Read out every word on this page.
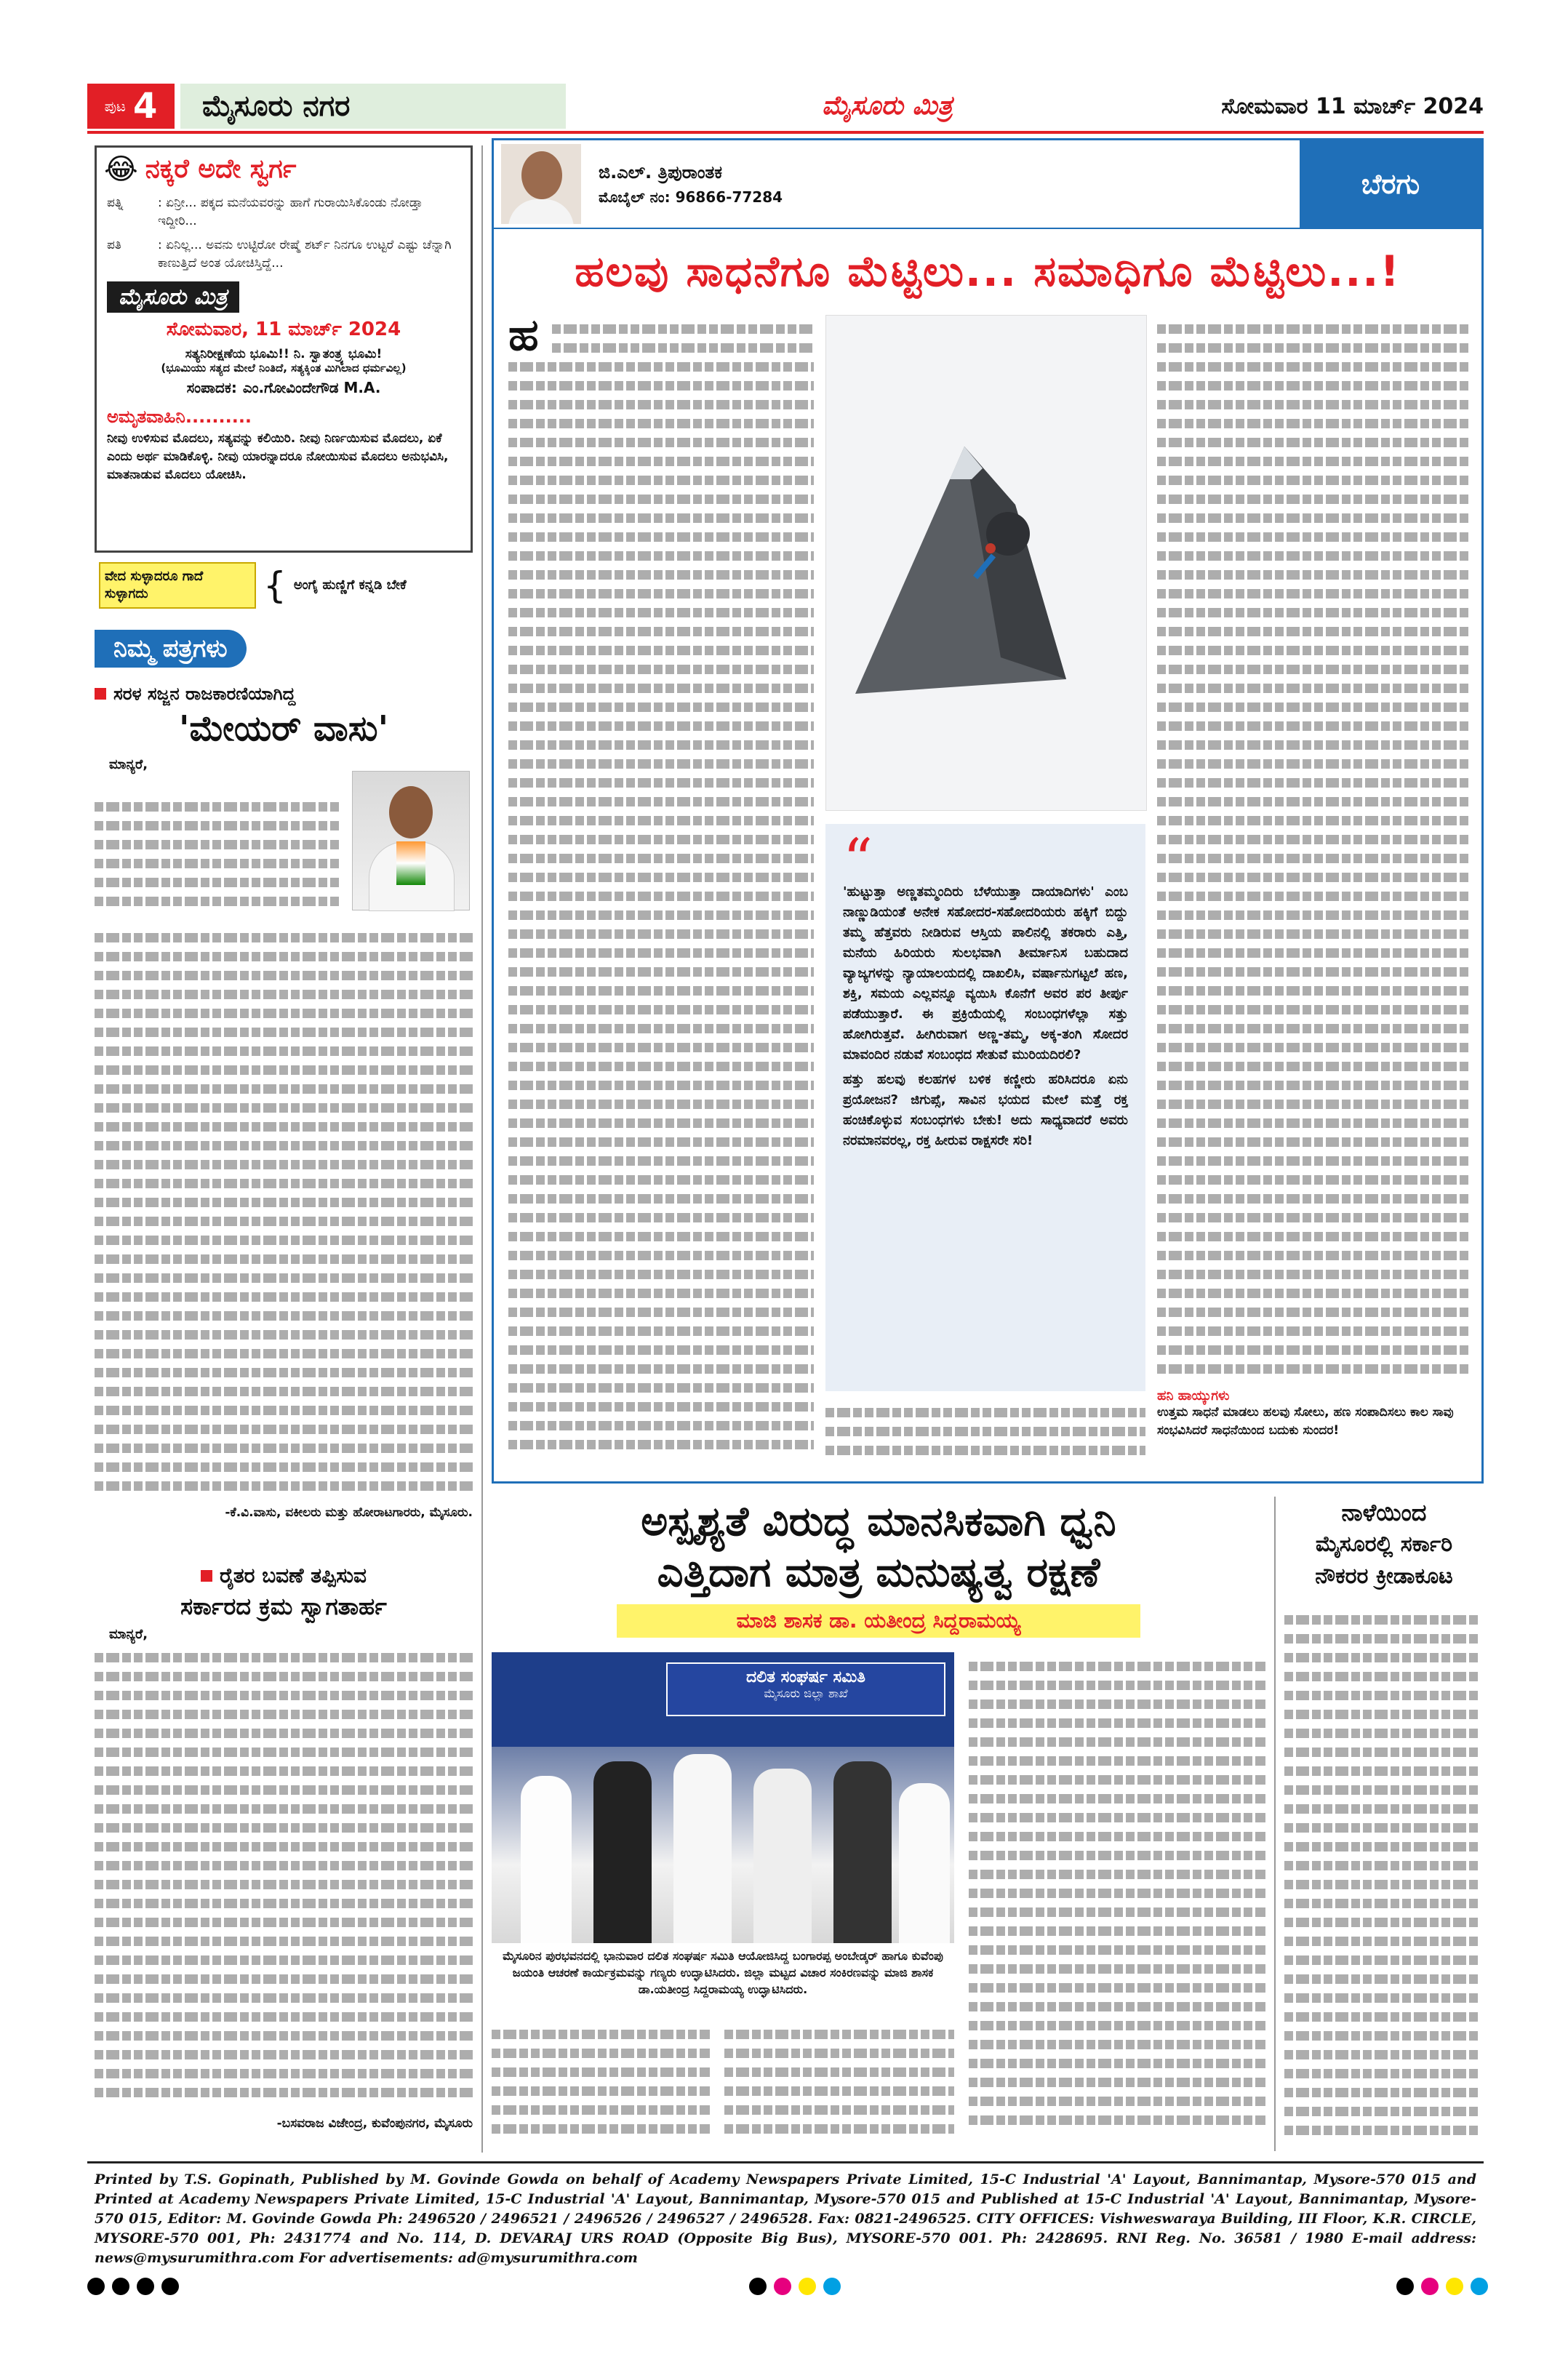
ಪುಟ 4 ಮೈಸೂರು ನಗರ	ಮೈಸೂರು ಮಿತ್ರ	ಸೋಮವಾರ 11 ಮಾರ್ಚ್ 2024
😂 ನಕ್ಕರೆ ಅದೇ ಸ್ವರ್ಗ
ಪತ್ನಿ	: ಏನ್ರೀ... ಪಕ್ಕದ ಮನೆಯವರನ್ನು ಹಾಗೆ ಗುರಾಯಿಸಿಕೊಂಡು ನೋಡ್ತಾ ಇದ್ದೀರಿ...
ಪತಿ	: ಏನಿಲ್ಲ... ಅವನು ಉಟ್ಟಿರೋ ರೇಷ್ಮೆ ಶರ್ಟ್ ನಿನಗೂ ಉಟ್ಟರೆ ಎಷ್ಟು ಚೆನ್ನಾಗಿ ಕಾಣುತ್ತಿದೆ ಅಂತ ಯೋಚಿಸ್ತಿದ್ದೆ...
ಮೈಸೂರು ಮಿತ್ರ
ಸೋಮವಾರ, 11 ಮಾರ್ಚ್ 2024
ಸತ್ಯನಿರೀಕ್ಷಣೆಯ ಭೂಮಿ!! ನಿ. ಸ್ವಾತಂತ್ರ್ಯ ಭೂಮಿ!
(ಭೂಮಿಯು ಸತ್ಯದ ಮೇಲೆ ನಿಂತಿದೆ, ಸತ್ಯಕ್ಕಿಂತ ಮಿಗಿಲಾದ ಧರ್ಮವಿಲ್ಲ)
ಸಂಪಾದಕ: ಎಂ.ಗೋವಿಂದೇಗೌಡ M.A.
ಅಮೃತವಾಹಿನಿ..........
ನೀವು ಉಳಿಸುವ ಮೊದಲು, ಸತ್ಯವನ್ನು ಕಲಿಯಿರಿ. ನೀವು ನಿರ್ಣಯಿಸುವ ಮೊದಲು, ಏಕೆ ಎಂದು ಅರ್ಥ ಮಾಡಿಕೊಳ್ಳಿ. ನೀವು ಯಾರನ್ನಾದರೂ ನೋಯಿಸುವ ಮೊದಲು ಅನುಭವಿಸಿ, ಮಾತನಾಡುವ ಮೊದಲು ಯೋಚಿಸಿ.
ವೇದ ಸುಳ್ಳಾದರೂ ಗಾದೆ ಸುಳ್ಳಾಗದು	{ ಅಂಗೈ ಹುಣ್ಣಿಗೆ ಕನ್ನಡಿ ಬೇಕೆ
ನಿಮ್ಮ ಪತ್ರಗಳು
ಸರಳ ಸಜ್ಜನ ರಾಜಕಾರಣಿಯಾಗಿದ್ದ
'ಮೇಯರ್ ವಾಸು'
ಮಾನ್ಯರೆ,
-ಕೆ.ವಿ.ವಾಸು, ವಕೀಲರು ಮತ್ತು ಹೋರಾಟಗಾರರು, ಮೈಸೂರು.
ರೈತರ ಬವಣೆ ತಪ್ಪಿಸುವ
ಸರ್ಕಾರದ ಕ್ರಮ ಸ್ವಾಗತಾರ್ಹ
ಮಾನ್ಯರೆ,
-ಬಸವರಾಜ ವಿಜೇಂದ್ರ, ಕುವೆಂಪುನಗರ, ಮೈಸೂರು
ಜಿ.ಎಲ್. ತ್ರಿಪುರಾಂತಕ
ಮೊಬೈಲ್ ನಂ: 96866-77284	ಬೆರಗು
ಹಲವು ಸಾಧನೆಗೂ ಮೆಟ್ಟಿಲು... ಸಮಾಧಿಗೂ ಮೆಟ್ಟಿಲು...!
ಹ
“
'ಹುಟ್ಟುತ್ತಾ ಅಣ್ಣತಮ್ಮಂದಿರು ಬೆಳೆಯುತ್ತಾ ದಾಯಾದಿಗಳು' ಎಂಬ ನಾಣ್ಣುಡಿಯಂತೆ ಅನೇಕ ಸಹೋದರ-ಸಹೋದರಿಯರು ಹಕ್ಕಿಗೆ ಬಿದ್ದು ತಮ್ಮ ಹೆತ್ತವರು ನೀಡಿರುವ ಆಸ್ತಿಯ ಪಾಲಿನಲ್ಲಿ ತಕರಾರು ಎತ್ತಿ, ಮನೆಯ ಹಿರಿಯರು ಸುಲಭವಾಗಿ ತೀರ್ಮಾನಿಸ ಬಹುದಾದ ವ್ಯಾಜ್ಯಗಳನ್ನು ನ್ಯಾಯಾಲಯದಲ್ಲಿ ದಾಖಲಿಸಿ, ವರ್ಷಾನುಗಟ್ಟಲೆ ಹಣ, ಶಕ್ತಿ, ಸಮಯ ಎಲ್ಲವನ್ನೂ ವ್ಯಯಿಸಿ ಕೊನೆಗೆ ಅವರ ಪರ ತೀರ್ಪು ಪಡೆಯುತ್ತಾರೆ. ಈ ಪ್ರಕ್ರಿಯೆಯಲ್ಲಿ ಸಂಬಂಧಗಳೆಲ್ಲಾ ಸತ್ತು ಹೋಗಿರುತ್ತವೆ. ಹೀಗಿರುವಾಗ ಅಣ್ಣ-ತಮ್ಮ, ಅಕ್ಕ-ತಂಗಿ ಸೋದರ ಮಾವಂದಿರ ನಡುವೆ ಸಂಬಂಧದ ಸೇತುವೆ ಮುರಿಯದಿರಲಿ?
ಹತ್ತು ಹಲವು ಕಲಹಗಳ ಬಳಿಕ ಕಣ್ಣೀರು ಹರಿಸಿದರೂ ಏನು ಪ್ರಯೋಜನ? ಜಿಗುಪ್ಸೆ, ಸಾವಿನ ಭಯದ ಮೇಲೆ ಮತ್ತೆ ರಕ್ತ ಹಂಚಿಕೊಳ್ಳುವ ಸಂಬಂಧಗಳು ಬೇಕು! ಅದು ಸಾಧ್ಯವಾದರೆ ಅವರು ನರಮಾನವರಲ್ಲ, ರಕ್ತ ಹೀರುವ ರಾಕ್ಷಸರೇ ಸರಿ!
ಹನಿ ಹಾಯ್ಕುಗಳು
ಉತ್ತಮ ಸಾಧನೆ ಮಾಡಲು ಹಲವು ಸೋಲು, ಹಣ ಸಂಪಾದಿಸಲು ಕಾಲ ಸಾವು ಸಂಭವಿಸಿದರೆ ಸಾಧನೆಯಿಂದ ಬದುಕು ಸುಂದರ!
ಅಸ್ಪೃಶ್ಯತೆ ವಿರುದ್ಧ ಮಾನಸಿಕವಾಗಿ ಧ್ವನಿ
ಎತ್ತಿದಾಗ ಮಾತ್ರ ಮನುಷ್ಯತ್ವ ರಕ್ಷಣೆ
ಮಾಜಿ ಶಾಸಕ ಡಾ. ಯತೀಂದ್ರ ಸಿದ್ದರಾಮಯ್ಯ
ದಲಿತ ಸಂಘರ್ಷ ಸಮಿತಿ
ಮೈಸೂರು ಜಿಲ್ಲಾ ಶಾಖೆ
ಮೈಸೂರಿನ ಪುರಭವನದಲ್ಲಿ ಭಾನುವಾರ ದಲಿತ ಸಂಘರ್ಷ ಸಮಿತಿ ಆಯೋಜಿಸಿದ್ದ ಬಂಗಾರಪ್ಪ ಅಂಬೇಡ್ಕರ್ ಹಾಗೂ ಕುವೆಂಪು ಜಯಂತಿ ಆಚರಣೆ ಕಾರ್ಯಕ್ರಮವನ್ನು ಗಣ್ಯರು ಉದ್ಘಾಟಿಸಿದರು. ಜಿಲ್ಲಾ ಮಟ್ಟದ ವಿಚಾರ ಸಂಕಿರಣವನ್ನು ಮಾಜಿ ಶಾಸಕ ಡಾ.ಯತೀಂದ್ರ ಸಿದ್ದರಾಮಯ್ಯ ಉದ್ಘಾಟಿಸಿದರು.
ನಾಳೆಯಿಂದ
ಮೈಸೂರಲ್ಲಿ ಸರ್ಕಾರಿ
ನೌಕರರ ಕ್ರೀಡಾಕೂಟ
Printed by T.S. Gopinath, Published by M. Govinde Gowda on behalf of Academy Newspapers Private Limited, 15-C Industrial 'A' Layout, Bannimantap, Mysore-570 015 and Printed at Academy Newspapers Private Limited, 15-C Industrial 'A' Layout, Bannimantap, Mysore-570 015 and Published at 15-C Industrial 'A' Layout, Bannimantap, Mysore-570 015, Editor: M. Govinde Gowda Ph: 2496520 / 2496521 / 2496526 / 2496527 / 2496528. Fax: 0821-2496525. CITY OFFICES: Vishweswaraya Building, III Floor, K.R. CIRCLE, MYSORE-570 001, Ph: 2431774 and No. 114, D. DEVARAJ URS ROAD (Opposite Big Bus), MYSORE-570 001. Ph: 2428695. RNI Reg. No. 36581 / 1980 E-mail address: news@mysurumithra.com For advertisements: ad@mysurumithra.com
